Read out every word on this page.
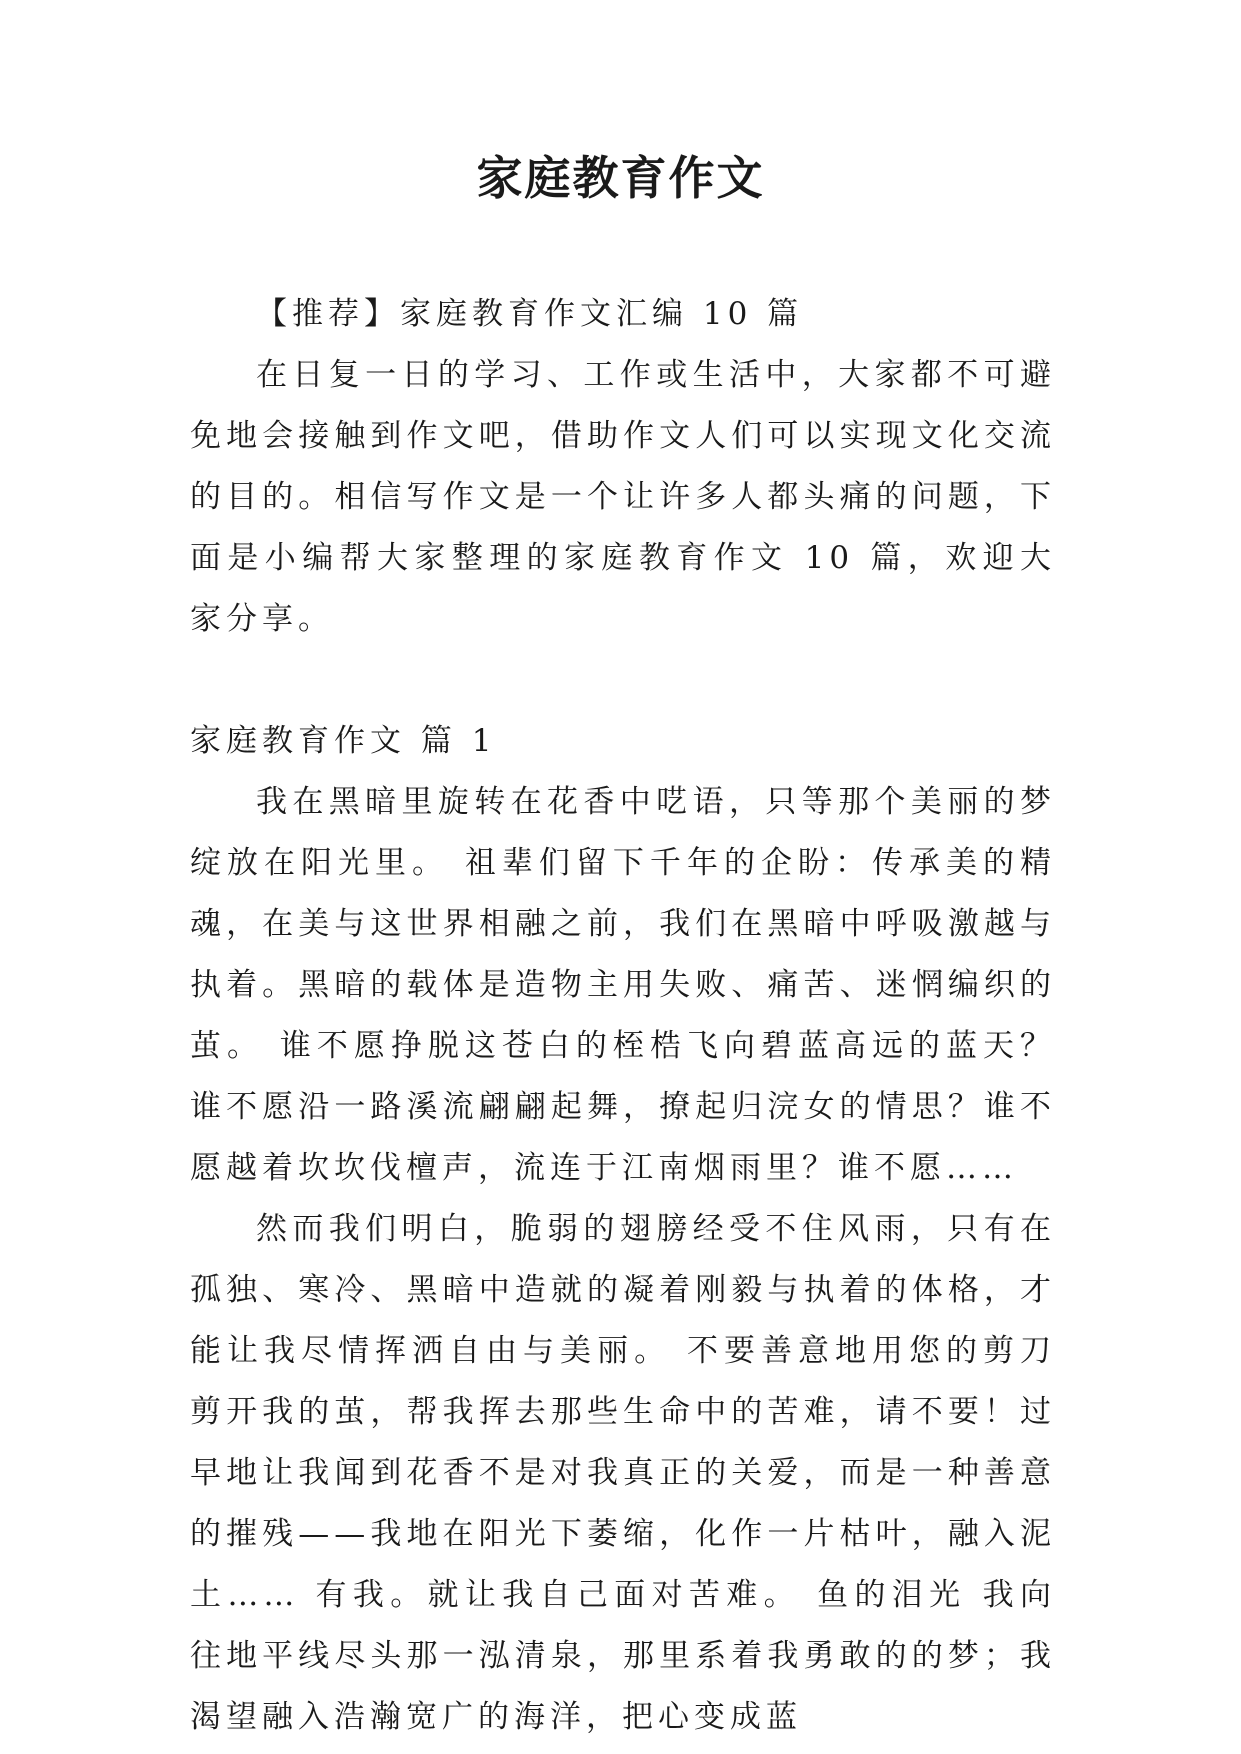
家庭教育作文

【推荐】家庭教育作文汇编 10 篇

在日复一日的学习、工作或生活中，大家都不可避免地会接触到作文吧，借助作文人们可以实现文化交流的目的。相信写作文是一个让许多人都头痛的问题，下面是小编帮大家整理的家庭教育作文 10 篇，欢迎大家分享。

家庭教育作文 篇 1

我在黑暗里旋转在花香中呓语，只等那个美丽的梦绽放在阳光里。 祖辈们留下千年的企盼：传承美的精魂，在美与这世界相融之前，我们在黑暗中呼吸激越与执着。黑暗的载体是造物主用失败、痛苦、迷惘编织的茧。 谁不愿挣脱这苍白的桎梏飞向碧蓝高远的蓝天？谁不愿沿一路溪流翩翩起舞，撩起归浣女的情思？谁不愿越着坎坎伐檀声，流连于江南烟雨里？谁不愿……

然而我们明白，脆弱的翅膀经受不住风雨，只有在孤独、寒冷、黑暗中造就的凝着刚毅与执着的体格，才能让我尽情挥洒自由与美丽。 不要善意地用您的剪刀剪开我的茧，帮我挥去那些生命中的苦难，请不要！过早地让我闻到花香不是对我真正的关爱，而是一种善意的摧残——我地在阳光下萎缩，化作一片枯叶，融入泥土…… 有我。就让我自己面对苦难。 鱼的泪光 我向往地平线尽头那一泓清泉，那里系着我勇敢的的梦；我渴望融入浩瀚宽广的海洋，把心变成蓝
